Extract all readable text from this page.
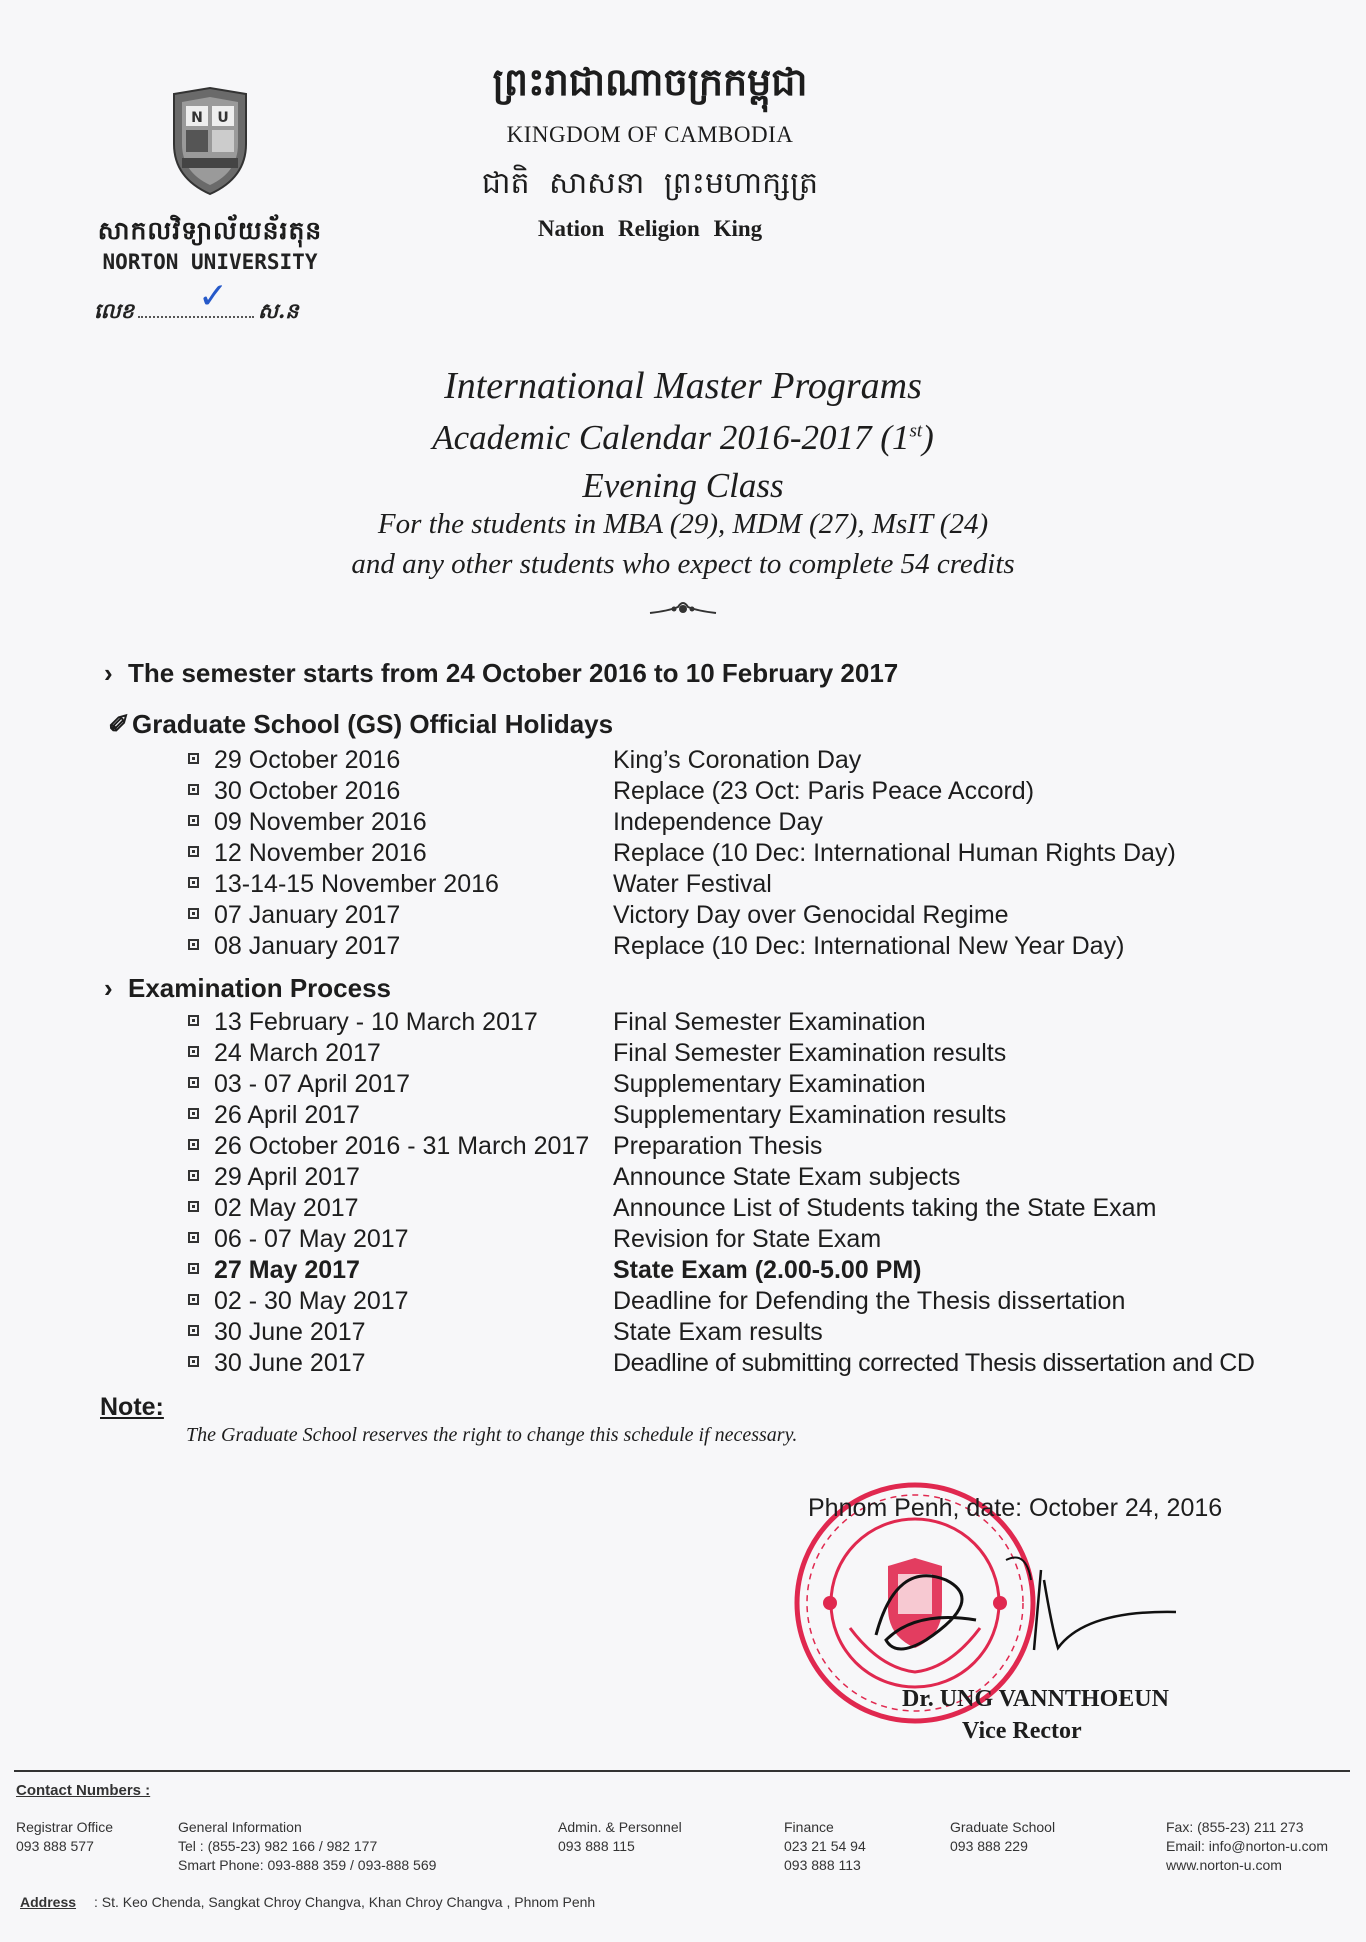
N U
សាកលវិទ្យាល័យន័រតុន
NORTON UNIVERSITY
លេខ ✓ ស.ន
ព្រះរាជាណាចក្រកម្ពុជា
KINGDOM OF CAMBODIA
ជាតិ សាសនា ព្រះមហាក្សត្រ
Nation Religion King
International Master Programs
Academic Calendar 2016-2017 (1st)
Evening Class
For the students in MBA (29), MDM (27), MsIT (24)
and any other students who expect to complete 54 credits
› The semester starts from 24 October 2016 to 10 February 2017
✐Graduate School (GS) Official Holidays
29 October 2016	King’s Coronation Day
30 October 2016	Replace (23 Oct: Paris Peace Accord)
09 November 2016	Independence Day
12 November 2016	Replace (10 Dec: International Human Rights Day)
13-14-15 November 2016	Water Festival
07 January 2017	Victory Day over Genocidal Regime
08 January 2017	Replace (10 Dec: International New Year Day)
› Examination Process
13 February - 10 March 2017	Final Semester Examination
24 March 2017	Final Semester Examination results
03 - 07 April 2017	Supplementary Examination
26 April 2017	Supplementary Examination results
26 October 2016 - 31 March 2017 Preparation Thesis
29 April 2017	Announce State Exam subjects
02 May 2017	Announce List of Students taking the State Exam
06 - 07 May 2017	Revision for State Exam
27 May 2017	State Exam (2.00-5.00 PM)
02 - 30 May 2017	Deadline for Defending the Thesis dissertation
30 June 2017	State Exam results
30 June 2017	Deadline of submitting corrected Thesis dissertation and CD
Note:
The Graduate School reserves the right to change this schedule if necessary.
Phnom Penh, date: October 24, 2016
Dr. UNG VANNTHOEUN
Vice Rector
Contact Numbers :
Registrar Office
093 888 577
General Information
Tel : (855-23) 982 166 / 982 177
Smart Phone: 093-888 359 / 093-888 569
Admin. & Personnel
093 888 115
Finance
023 21 54 94
093 888 113
Graduate School
093 888 229
Fax: (855-23) 211 273
Email: info@norton-u.com
www.norton-u.com
Address : St. Keo Chenda, Sangkat Chroy Changva, Khan Chroy Changva , Phnom Penh
